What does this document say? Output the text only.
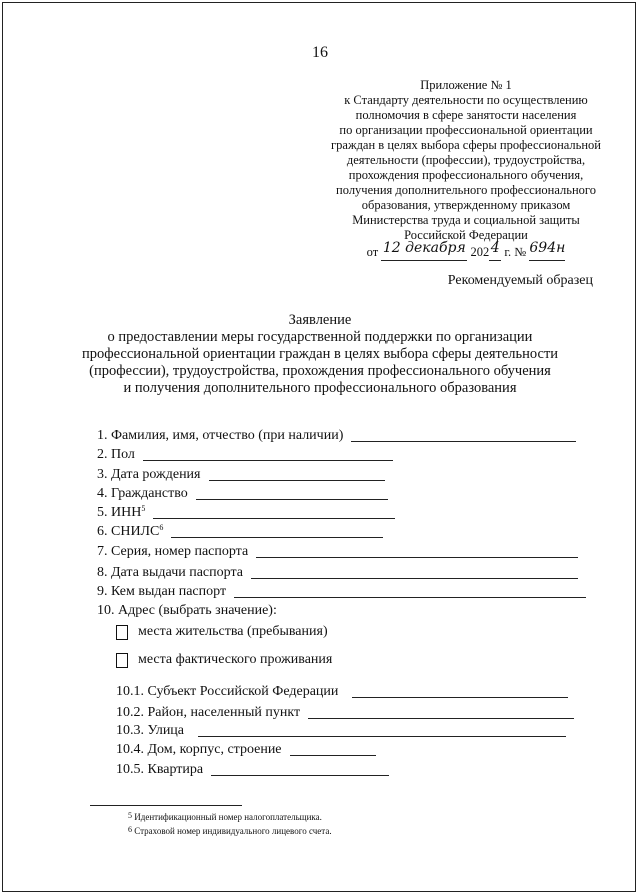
16
Приложение № 1
к Стандарту деятельности по осуществлению
полномочия в сфере занятости населения
по организации профессиональной ориентации
граждан в целях выбора сферы профессиональной
деятельности (профессии), трудоустройства,
прохождения профессионального обучения,
получения дополнительного профессионального
образования, утвержденному приказом
Министерства труда и социальной защиты
Российской Федерации
от 12 декабря 202 4 г. № 694н
Рекомендуемый образец
Заявление
о предоставлении меры государственной поддержки по организации
профессиональной ориентации граждан в целях выбора сферы деятельности
(профессии), трудоустройства, прохождения профессионального обучения
и получения дополнительного профессионального образования
1. Фамилия, имя, отчество (при наличии)
2. Пол
3. Дата рождения
4. Гражданство
5. ИНН$^5$
6. СНИЛС$^6$
7. Серия, номер паспорта
8. Дата выдачи паспорта
9. Кем выдан паспорт
10. Адрес (выбрать значение):
места жительства (пребывания)
места фактического проживания
10.1. Субъект Российской Федерации
10.2. Район, населенный пункт
10.3. Улица
10.4. Дом, корпус, строение
10.5. Квартира
$^5$ Идентификационный номер налогоплательщика.
$^6$ Страховой номер индивидуального лицевого счета.
